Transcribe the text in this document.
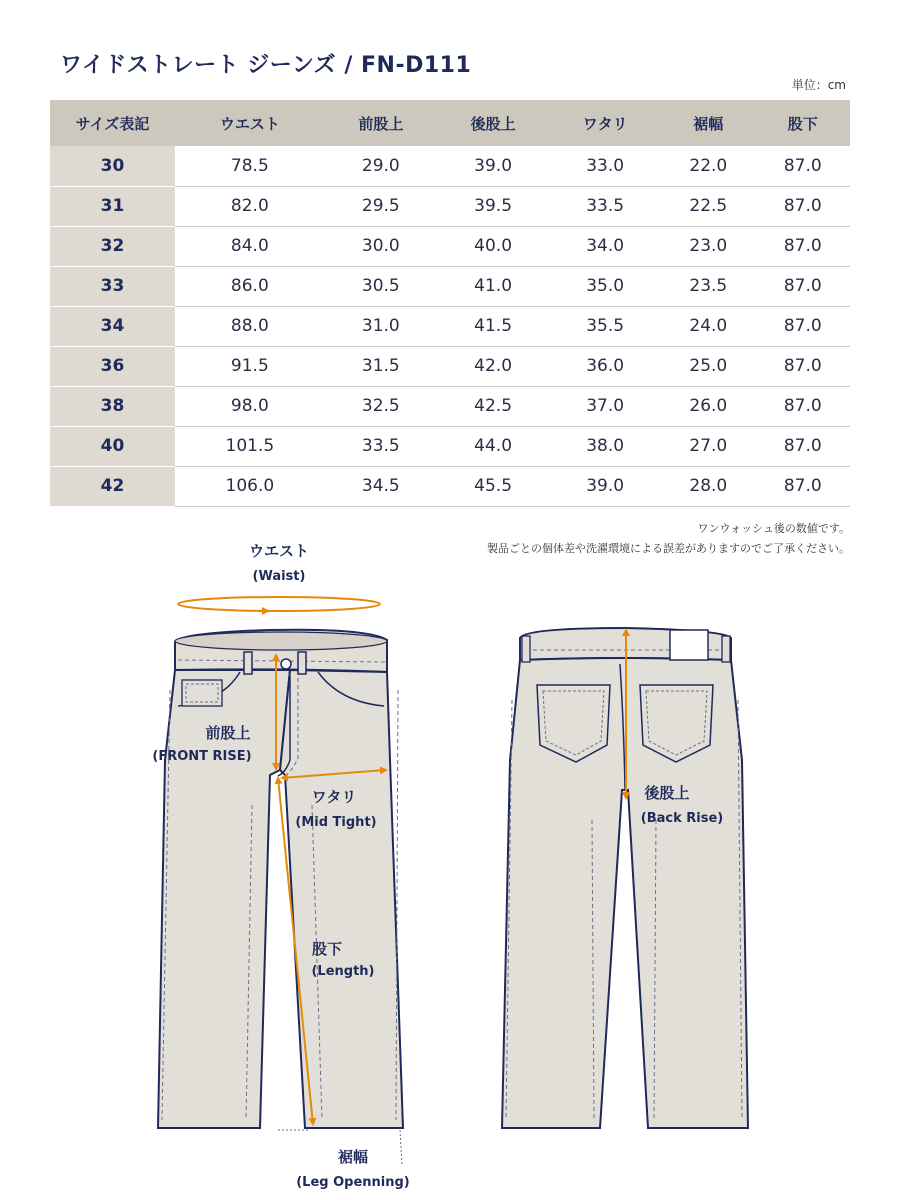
ワイドストレート ジーンズ / FN-D111
単位：cm
サイズ表記	ウエスト	前股上	後股上	ワタリ	裾幅	股下
30	78.5	29.0	39.0	33.0	22.0	87.0
31	82.0	29.5	39.5	33.5	22.5	87.0
32	84.0	30.0	40.0	34.0	23.0	87.0
33	86.0	30.5	41.0	35.0	23.5	87.0
34	88.0	31.0	41.5	35.5	24.0	87.0
36	91.5	31.5	42.0	36.0	25.0	87.0
38	98.0	32.5	42.5	37.0	26.0	87.0
40	101.5	33.5	44.0	38.0	27.0	87.0
42	106.0	34.5	45.5	39.0	28.0	87.0
ワンウォッシュ後の数値です。
製品ごとの個体差や洗濯環境による誤差がありますのでご了承ください。
ウエスト
(Waist)
前股上
(FRONT RISE)
ワタリ
(Mid Tight)
股下
(Length)
裾幅
(Leg Openning)
後股上
(Back Rise)
